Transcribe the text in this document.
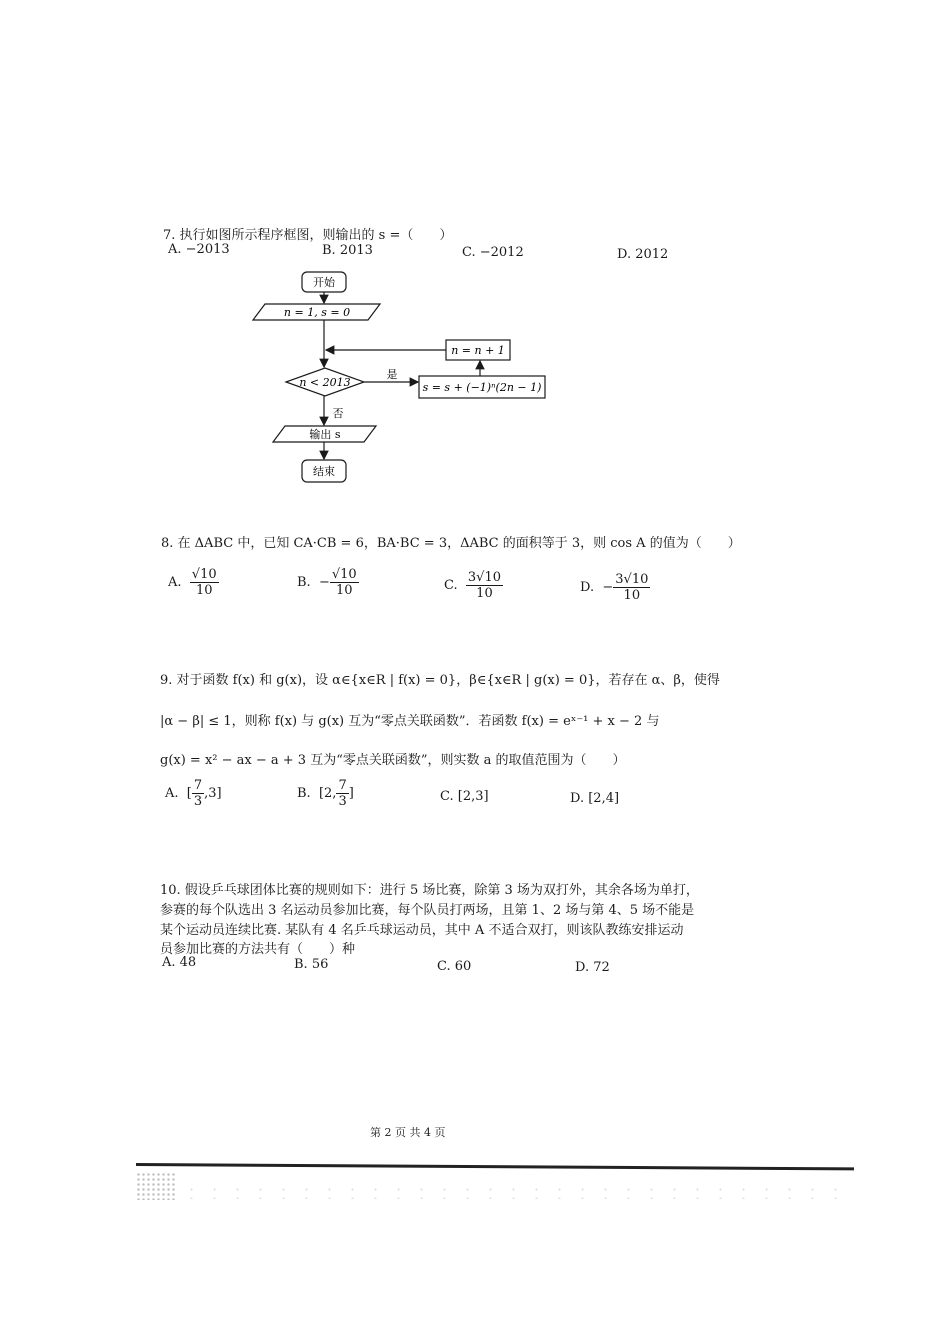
7. 执行如图所示程序框图，则输出的 s =（　　）
A. −2013	B. 2013	C. −2012	D. 2012
开始
n = 1, s = 0
n = n + 1
n < 2013
是
s = s + (−1)ⁿ(2n − 1)
否
输出 s
结束
8. 在 ΔABC 中，已知 CA·CB = 6，BA·BC = 3，ΔABC 的面积等于 3，则 cos A 的值为（　　）
A. $\frac{√10}{10}$	B. − $\frac{√10}{10}$	C. $\frac{3√10}{10}$	D. − $\frac{3√10}{10}$
9. 对于函数 f(x) 和 g(x)，设 α∈{x∈R | f(x) = 0}，β∈{x∈R | g(x) = 0}，若存在 α、β，使得
|α − β| ≤ 1，则称 f(x) 与 g(x) 互为“零点关联函数”．若函数 f(x) = eˣ⁻¹ + x − 2 与
g(x) = x² − ax − a + 3 互为“零点关联函数”，则实数 a 的取值范围为（　　）
A. [ $\frac{7}{3} ,3$]	B. [2, $\frac{7}{3}$ ]	C. [2,3]	D. [2,4]
10. 假设乒乓球团体比赛的规则如下：进行 5 场比赛，除第 3 场为双打外，其余各场为单打，
参赛的每个队选出 3 名运动员参加比赛，每个队员打两场，且第 1、2 场与第 4、5 场不能是
某个运动员连续比赛. 某队有 4 名乒乓球运动员，其中 A 不适合双打，则该队教练安排运动
员参加比赛的方法共有（　　）种
A. 48	B. 56	C. 60	D. 72
第 2 页 共 4 页
